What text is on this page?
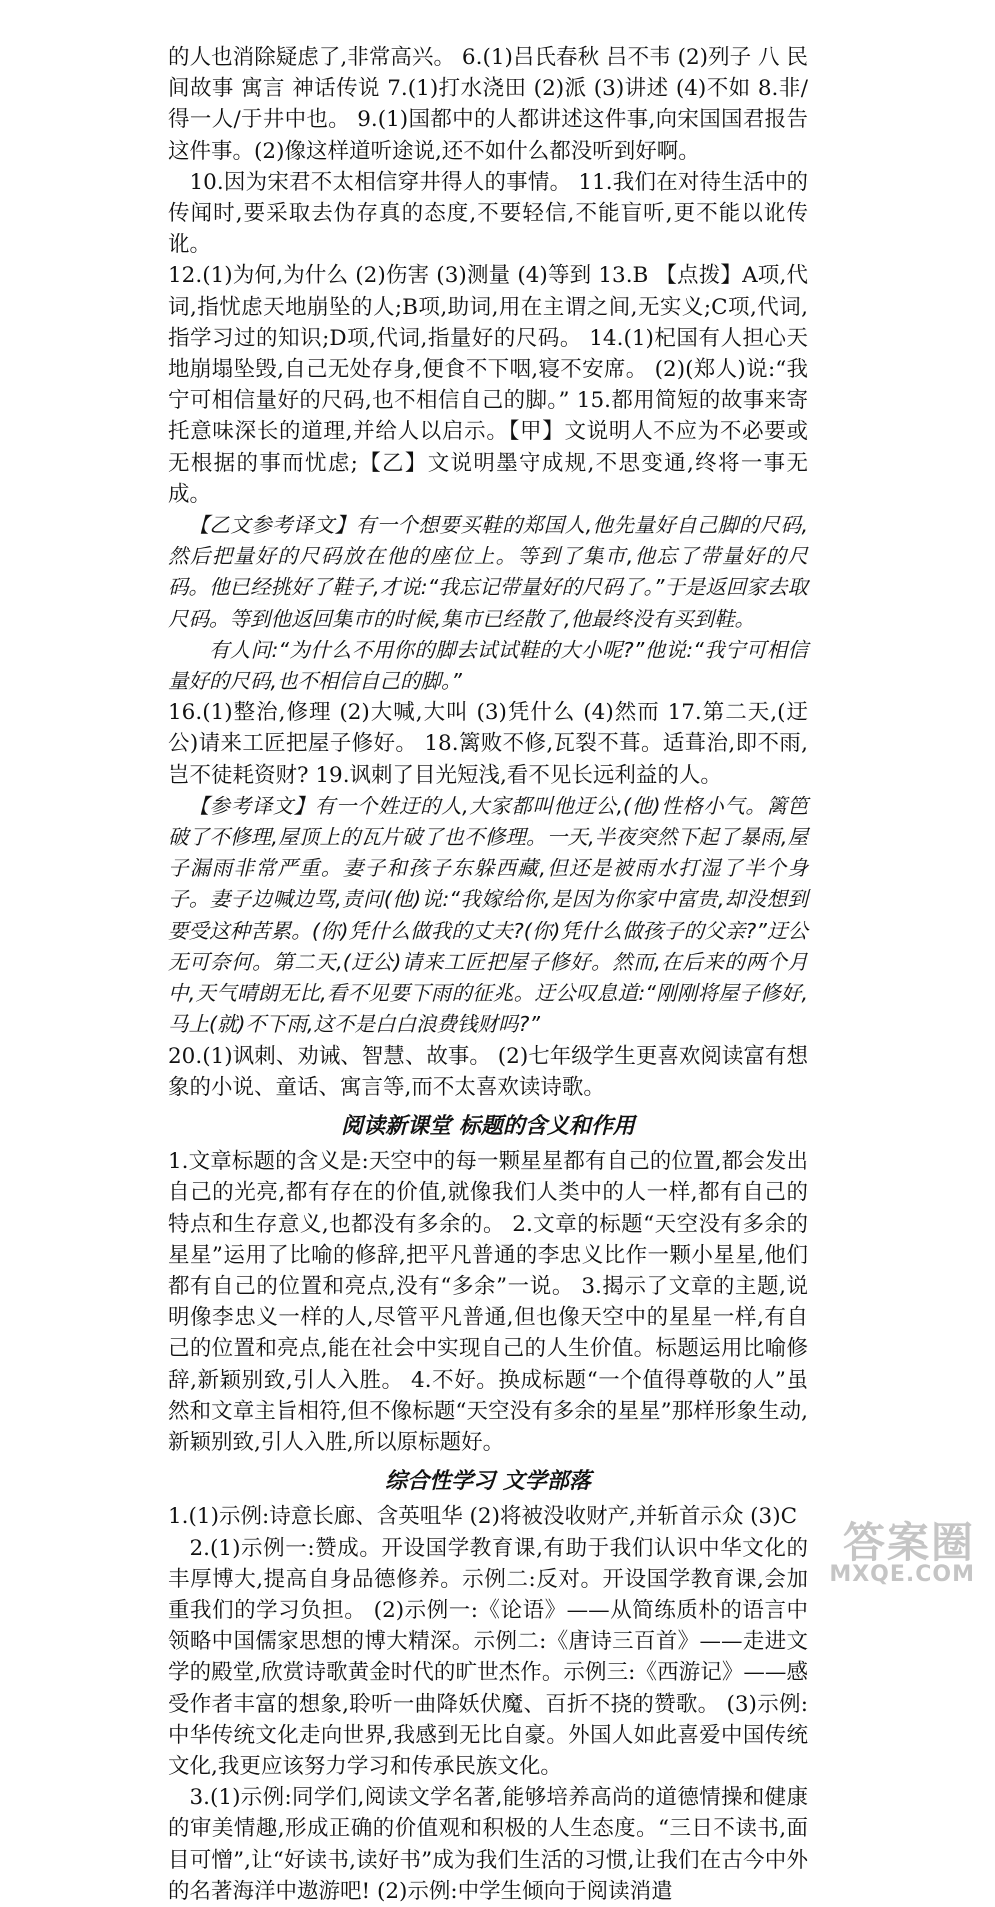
的人也消除疑虑了,非常高兴。 6.(1)吕氏春秋 吕不韦 (2)列子 八 民间故事 寓言 神话传说 7.(1)打水浇田 (2)派 (3)讲述 (4)不如 8.非/得一人/于井中也。 9.(1)国都中的人都讲述这件事,向宋国国君报告这件事。(2)像这样道听途说,还不如什么都没听到好啊。

10.因为宋君不太相信穿井得人的事情。 11.我们在对待生活中的传闻时,要采取去伪存真的态度,不要轻信,不能盲听,更不能以讹传讹。

12.(1)为何,为什么 (2)伤害 (3)测量 (4)等到 13.B 【点拨】A项,代词,指忧虑天地崩坠的人;B项,助词,用在主谓之间,无实义;C项,代词,指学习过的知识;D项,代词,指量好的尺码。 14.(1)杞国有人担心天地崩塌坠毁,自己无处存身,便食不下咽,寝不安席。 (2)(郑人)说:“我宁可相信量好的尺码,也不相信自己的脚。” 15.都用简短的故事来寄托意味深长的道理,并给人以启示。【甲】文说明人不应为不必要或无根据的事而忧虑;【乙】文说明墨守成规,不思变通,终将一事无成。

【乙文参考译文】有一个想要买鞋的郑国人,他先量好自己脚的尺码,然后把量好的尺码放在他的座位上。等到了集市,他忘了带量好的尺码。他已经挑好了鞋子,才说:“我忘记带量好的尺码了。”于是返回家去取尺码。等到他返回集市的时候,集市已经散了,他最终没有买到鞋。

有人问:“为什么不用你的脚去试试鞋的大小呢?”他说:“我宁可相信量好的尺码,也不相信自己的脚。”

16.(1)整治,修理 (2)大喊,大叫 (3)凭什么 (4)然而 17.第二天,(迂公)请来工匠把屋子修好。 18.篱败不修,瓦裂不葺。适葺治,即不雨,岂不徒耗资财? 19.讽刺了目光短浅,看不见长远利益的人。

【参考译文】有一个姓迂的人,大家都叫他迂公,(他)性格小气。篱笆破了不修理,屋顶上的瓦片破了也不修理。一天,半夜突然下起了暴雨,屋子漏雨非常严重。妻子和孩子东躲西藏,但还是被雨水打湿了半个身子。妻子边喊边骂,责问(他)说:“我嫁给你,是因为你家中富贵,却没想到要受这种苦累。(你)凭什么做我的丈夫?(你)凭什么做孩子的父亲?”迂公无可奈何。第二天,(迂公)请来工匠把屋子修好。然而,在后来的两个月中,天气晴朗无比,看不见要下雨的征兆。迂公叹息道:“刚刚将屋子修好,马上(就)不下雨,这不是白白浪费钱财吗?”

20.(1)讽刺、劝诫、智慧、故事。 (2)七年级学生更喜欢阅读富有想象的小说、童话、寓言等,而不太喜欢读诗歌。

阅读新课堂 标题的含义和作用

1.文章标题的含义是:天空中的每一颗星星都有自己的位置,都会发出自己的光亮,都有存在的价值,就像我们人类中的人一样,都有自己的特点和生存意义,也都没有多余的。 2.文章的标题“天空没有多余的星星”运用了比喻的修辞,把平凡普通的李忠义比作一颗小星星,他们都有自己的位置和亮点,没有“多余”一说。 3.揭示了文章的主题,说明像李忠义一样的人,尽管平凡普通,但也像天空中的星星一样,有自己的位置和亮点,能在社会中实现自己的人生价值。标题运用比喻修辞,新颖别致,引人入胜。 4.不好。换成标题“一个值得尊敬的人”虽然和文章主旨相符,但不像标题“天空没有多余的星星”那样形象生动,新颖别致,引人入胜,所以原标题好。

综合性学习 文学部落

1.(1)示例:诗意长廊、含英咀华 (2)将被没收财产,并斩首示众 (3)C

2.(1)示例一:赞成。开设国学教育课,有助于我们认识中华文化的丰厚博大,提高自身品德修养。示例二:反对。开设国学教育课,会加重我们的学习负担。 (2)示例一:《论语》——从简练质朴的语言中领略中国儒家思想的博大精深。示例二:《唐诗三百首》——走进文学的殿堂,欣赏诗歌黄金时代的旷世杰作。示例三:《西游记》——感受作者丰富的想象,聆听一曲降妖伏魔、百折不挠的赞歌。 (3)示例:中华传统文化走向世界,我感到无比自豪。外国人如此喜爱中国传统文化,我更应该努力学习和传承民族文化。

3.(1)示例:同学们,阅读文学名著,能够培养高尚的道德情操和健康的审美情趣,形成正确的价值观和积极的人生态度。“三日不读书,面目可憎”,让“好读书,读好书”成为我们生活的习惯,让我们在古今中外的名著海洋中遨游吧! (2)示例:中学生倾向于阅读消遣

答案圈
MXQE.COM
